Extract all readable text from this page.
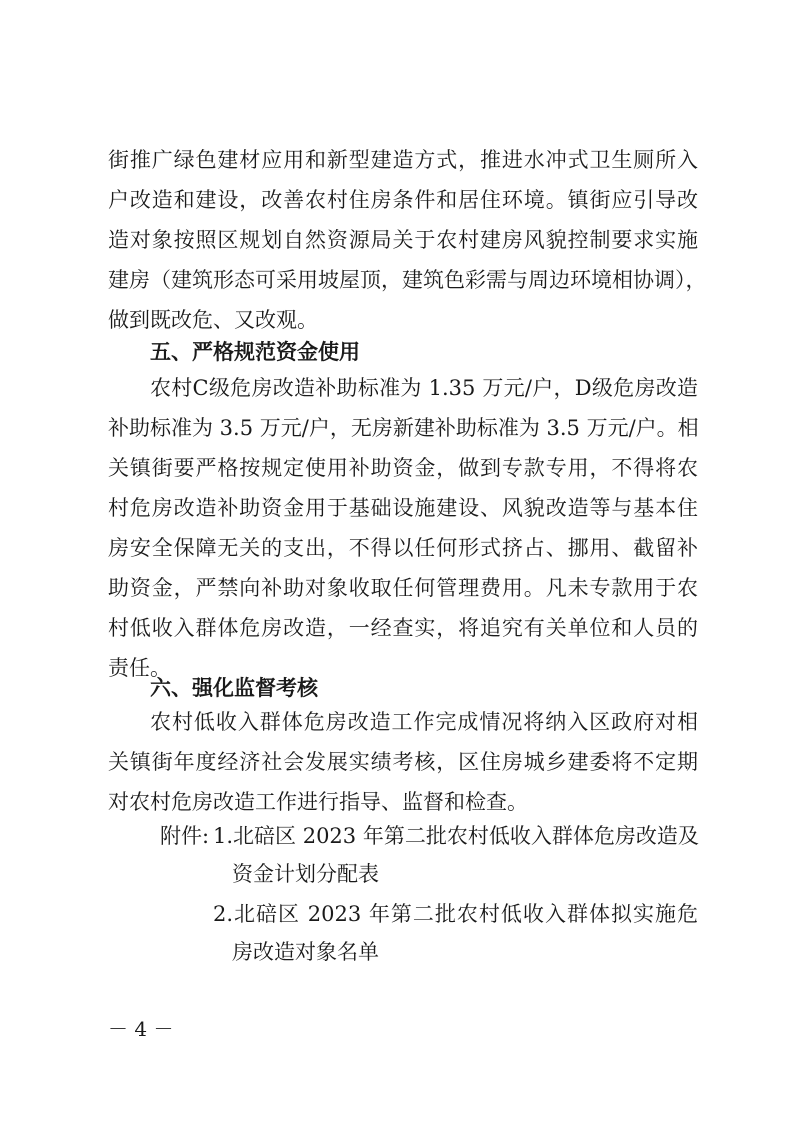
街推广绿色建材应用和新型建造方式，推进水冲式卫生厕所入
户改造和建设，改善农村住房条件和居住环境。镇街应引导改
造对象按照区规划自然资源局关于农村建房风貌控制要求实施
建房（建筑形态可采用坡屋顶，建筑色彩需与周边环境相协调），
做到既改危、又改观。
五、严格规范资金使用
农村C级危房改造补助标准为 1.35 万元/户，D级危房改造
补助标准为 3.5 万元/户，无房新建补助标准为 3.5 万元/户。相
关镇街要严格按规定使用补助资金，做到专款专用，不得将农
村危房改造补助资金用于基础设施建设、风貌改造等与基本住
房安全保障无关的支出，不得以任何形式挤占、挪用、截留补
助资金，严禁向补助对象收取任何管理费用。凡未专款用于农
村低收入群体危房改造，一经查实，将追究有关单位和人员的
责任。
六、强化监督考核
农村低收入群体危房改造工作完成情况将纳入区政府对相
关镇街年度经济社会发展实绩考核，区住房城乡建委将不定期
对农村危房改造工作进行指导、监督和检查。
附件: 1.北碚区 2023 年第二批农村低收入群体危房改造及
资金计划分配表
2.北碚区 2023 年第二批农村低收入群体拟实施危
房改造对象名单
－ 4 －
